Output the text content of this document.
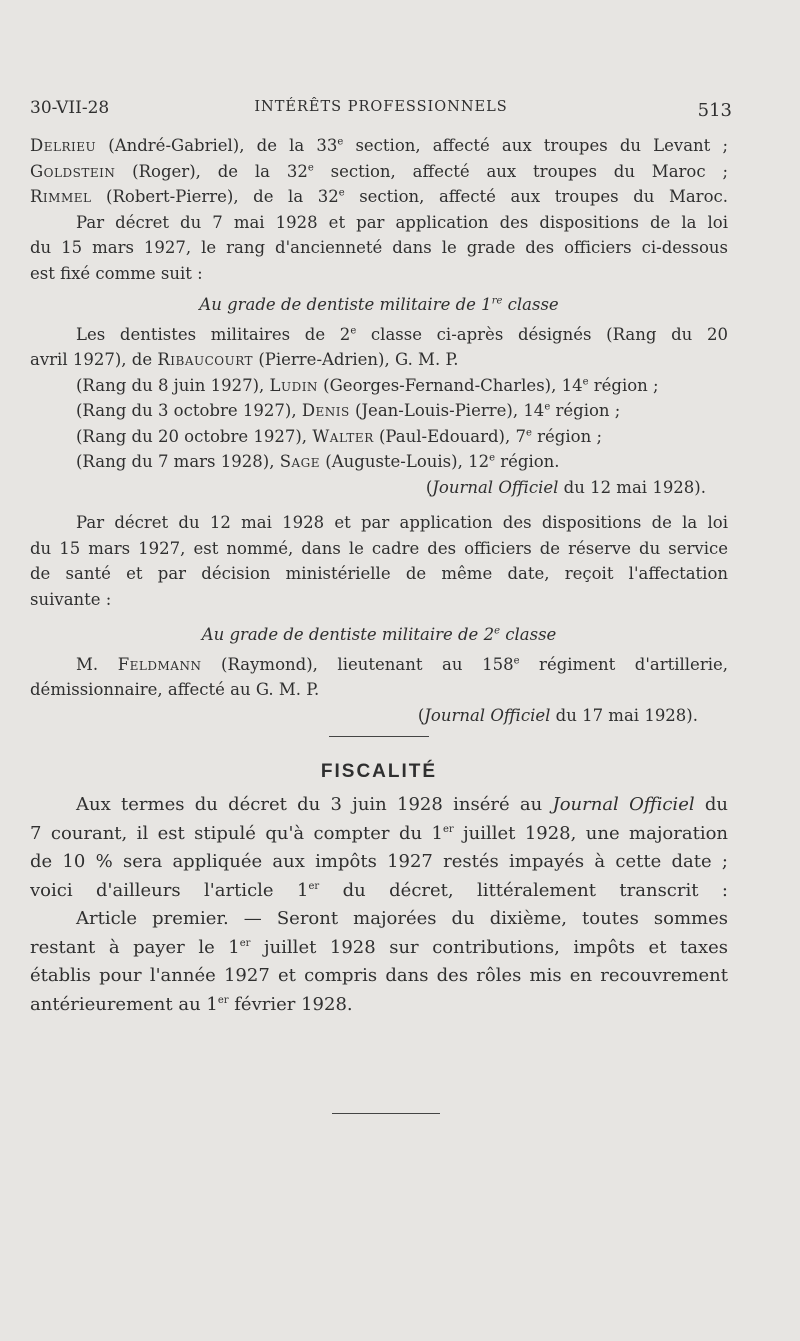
30-VII-28	INTÉRÊTS PROFESSIONNELS	513
Delrieu (André-Gabriel), de la 33e section, affecté aux troupes du Levant ;
Goldstein (Roger), de la 32e section, affecté aux troupes du Maroc ;
Rimmel (Robert-Pierre), de la 32e section, affecté aux troupes du Maroc.
Par décret du 7 mai 1928 et par application des dispositions de la loi
du 15 mars 1927, le rang d'ancienneté dans le grade des officiers ci-dessous
est fixé comme suit :
Au grade de dentiste militaire de 1re classe
Les dentistes militaires de 2e classe ci-après désignés (Rang du 20
avril 1927), de Ribaucourt (Pierre-Adrien), G. M. P.
(Rang du 8 juin 1927), Ludin (Georges-Fernand-Charles), 14e région ;
(Rang du 3 octobre 1927), Denis (Jean-Louis-Pierre), 14e région ;
(Rang du 20 octobre 1927), Walter (Paul-Edouard), 7e région ;
(Rang du 7 mars 1928), Sage (Auguste-Louis), 12e région.
(Journal Officiel du 12 mai 1928).
Par décret du 12 mai 1928 et par application des dispositions de la loi
du 15 mars 1927, est nommé, dans le cadre des officiers de réserve du service
de santé et par décision ministérielle de même date, reçoit l'affectation
suivante :
Au grade de dentiste militaire de 2e classe
M. Feldmann (Raymond), lieutenant au 158e régiment d'artillerie,
démissionnaire, affecté au G. M. P.
(Journal Officiel du 17 mai 1928).
FISCALITÉ
Aux termes du décret du 3 juin 1928 inséré au Journal Officiel du
7 courant, il est stipulé qu'à compter du 1er juillet 1928, une majoration
de 10 % sera appliquée aux impôts 1927 restés impayés à cette date ;
voici d'ailleurs l'article 1er du décret, littéralement transcrit :
Article premier. — Seront majorées du dixième, toutes sommes
restant à payer le 1er juillet 1928 sur contributions, impôts et taxes
établis pour l'année 1927 et compris dans des rôles mis en recouvrement
antérieurement au 1er février 1928.
